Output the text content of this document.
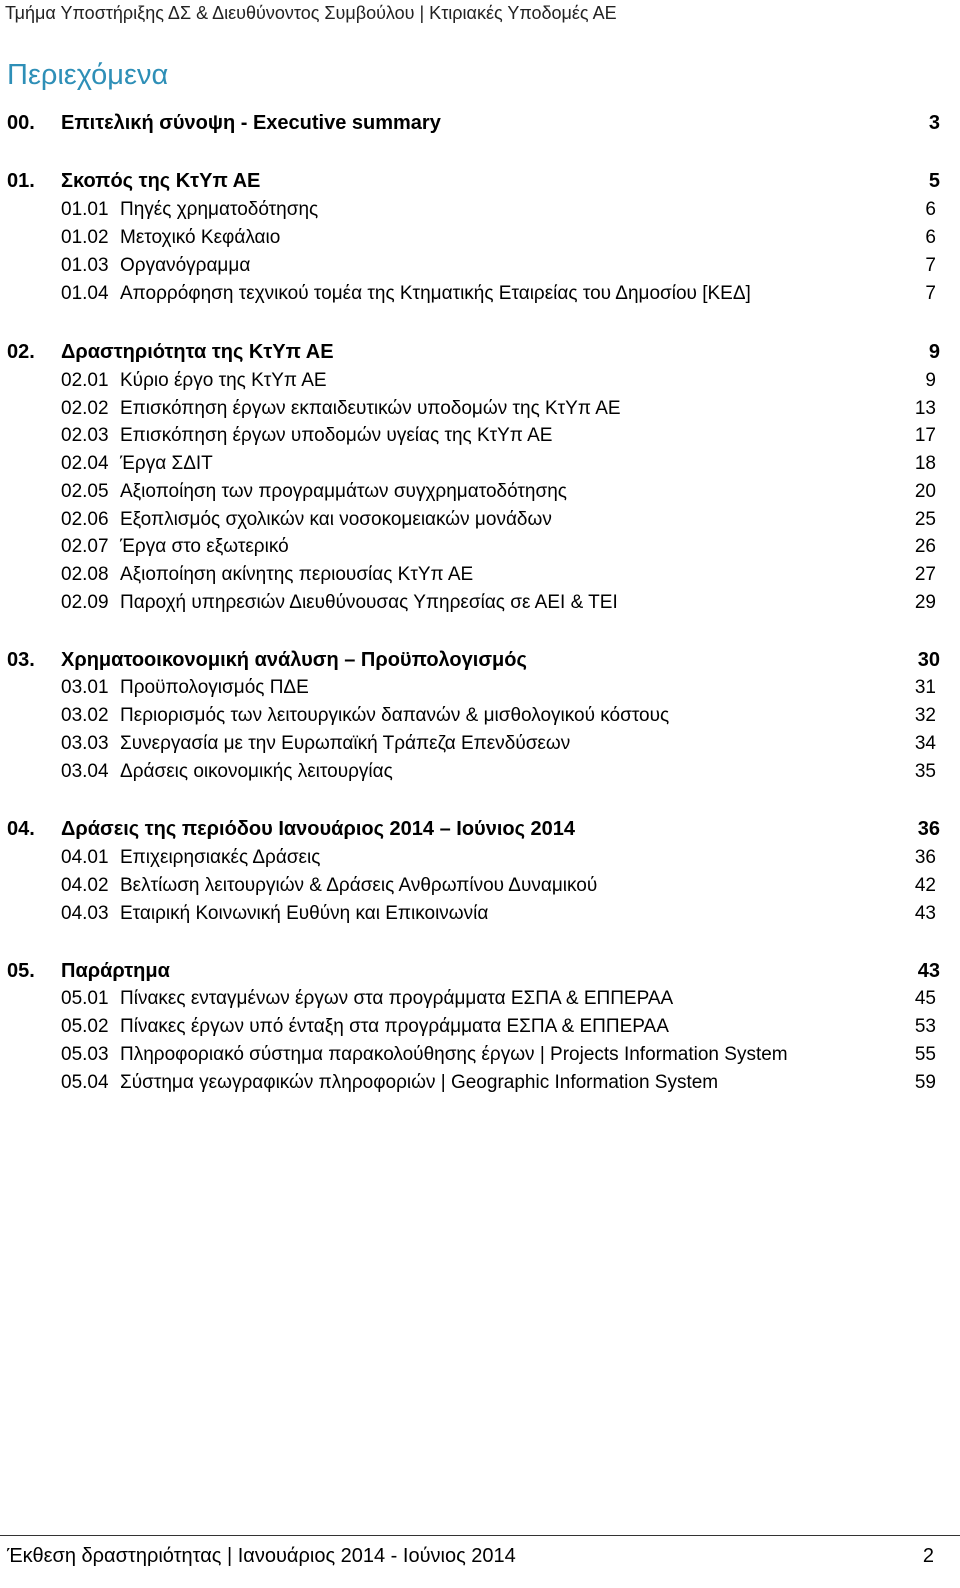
Τμήμα Υποστήριξης ΔΣ & Διευθύνοντος Συμβούλου | Κτιριακές Υποδομές ΑΕ
Περιεχόμενα
00. Επιτελική σύνοψη - Executive summary	3
01. Σκοπός της ΚτΥπ ΑΕ	5
01.01 Πηγές χρηματοδότησης	6
01.02 Μετοχικό Κεφάλαιο	6
01.03 Οργανόγραμμα	7
01.04 Απορρόφηση τεχνικού τομέα της Κτηματικής Εταιρείας του Δημοσίου [ΚΕΔ]	7
02. Δραστηριότητα της ΚτΥπ ΑΕ	9
02.01 Κύριο έργο της ΚτΥπ ΑΕ	9
02.02 Επισκόπηση έργων εκπαιδευτικών υποδομών της ΚτΥπ ΑΕ	13
02.03 Επισκόπηση έργων υποδομών υγείας της ΚτΥπ ΑΕ	17
02.04 Έργα ΣΔΙΤ	18
02.05 Αξιοποίηση των προγραμμάτων συγχρηματοδότησης	20
02.06 Εξοπλισμός σχολικών και νοσοκομειακών μονάδων	25
02.07 Έργα στο εξωτερικό	26
02.08 Αξιοποίηση ακίνητης περιουσίας ΚτΥπ ΑΕ	27
02.09 Παροχή υπηρεσιών Διευθύνουσας Υπηρεσίας σε ΑΕΙ & ΤΕΙ	29
03. Χρηματοοικονομική ανάλυση – Προϋπολογισμός	30
03.01 Προϋπολογισμός ΠΔΕ	31
03.02 Περιορισμός των λειτουργικών δαπανών & μισθολογικού κόστους	32
03.03 Συνεργασία με την Ευρωπαϊκή Τράπεζα Επενδύσεων	34
03.04 Δράσεις οικονομικής λειτουργίας	35
04. Δράσεις της περιόδου Ιανουάριος 2014 – Ιούνιος 2014	36
04.01 Επιχειρησιακές Δράσεις	36
04.02 Βελτίωση λειτουργιών & Δράσεις Ανθρωπίνου Δυναμικού	42
04.03 Εταιρική Κοινωνική Ευθύνη και Επικοινωνία	43
05. Παράρτημα	43
05.01 Πίνακες ενταγμένων έργων στα προγράμματα ΕΣΠΑ & ΕΠΠΕΡΑΑ	45
05.02 Πίνακες έργων υπό ένταξη στα προγράμματα ΕΣΠΑ & ΕΠΠΕΡΑΑ	53
05.03 Πληροφοριακό σύστημα παρακολούθησης έργων | Projects Information System	55
05.04 Σύστημα γεωγραφικών πληροφοριών | Geographic Information System	59
Έκθεση δραστηριότητας | Ιανουάριος 2014 - Ιούνιος 2014	2
